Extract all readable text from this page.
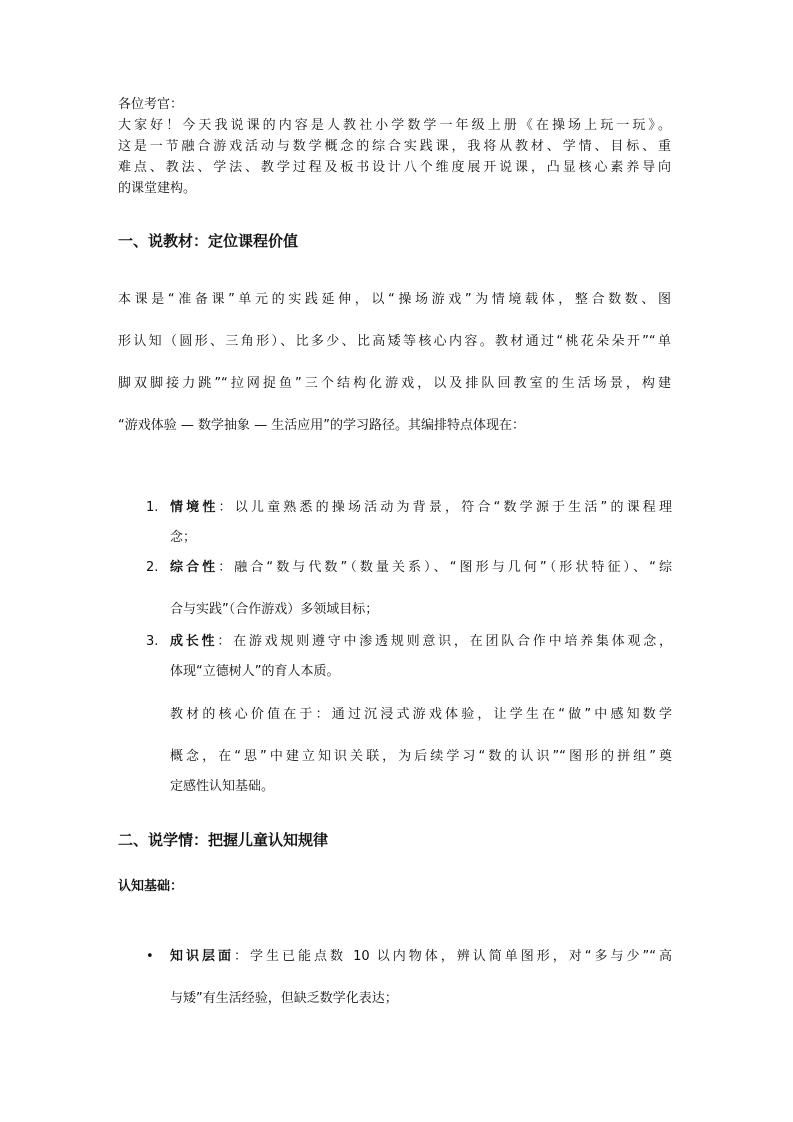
各位考官：
大家好！今天我说课的内容是人教社小学数学一年级上册《在操场上玩一玩》。
这是一节融合游戏活动与数学概念的综合实践课，我将从教材、学情、目标、重
难点、教法、学法、教学过程及板书设计八个维度展开说课，凸显核心素养导向
的课堂建构。
一、说教材：定位课程价值
本课是“准备课”单元的实践延伸，以“操场游戏”为情境载体，整合数数、图
形认知（圆形、三角形）、比多少、比高矮等核心内容。教材通过“桃花朵朵开”“单
脚双脚接力跳”“拉网捉鱼”三个结构化游戏，以及排队回教室的生活场景，构建
“游戏体验 — 数学抽象 — 生活应用”的学习路径。其编排特点体现在：
1. 情境性：以儿童熟悉的操场活动为背景，符合“数学源于生活”的课程理
念；
2. 综合性：融合“数与代数”（数量关系）、“图形与几何”（形状特征）、“综
合与实践”（合作游戏）多领域目标；
3. 成长性：在游戏规则遵守中渗透规则意识，在团队合作中培养集体观念，
体现“立德树人”的育人本质。
教材的核心价值在于：通过沉浸式游戏体验，让学生在“做”中感知数学
概念，在“思”中建立知识关联，为后续学习“数的认识”“图形的拼组”奠
定感性认知基础。
二、说学情：把握儿童认知规律
认知基础：
• 知识层面：学生已能点数 10 以内物体，辨认简单图形，对“多与少”“高
与矮”有生活经验，但缺乏数学化表达；
